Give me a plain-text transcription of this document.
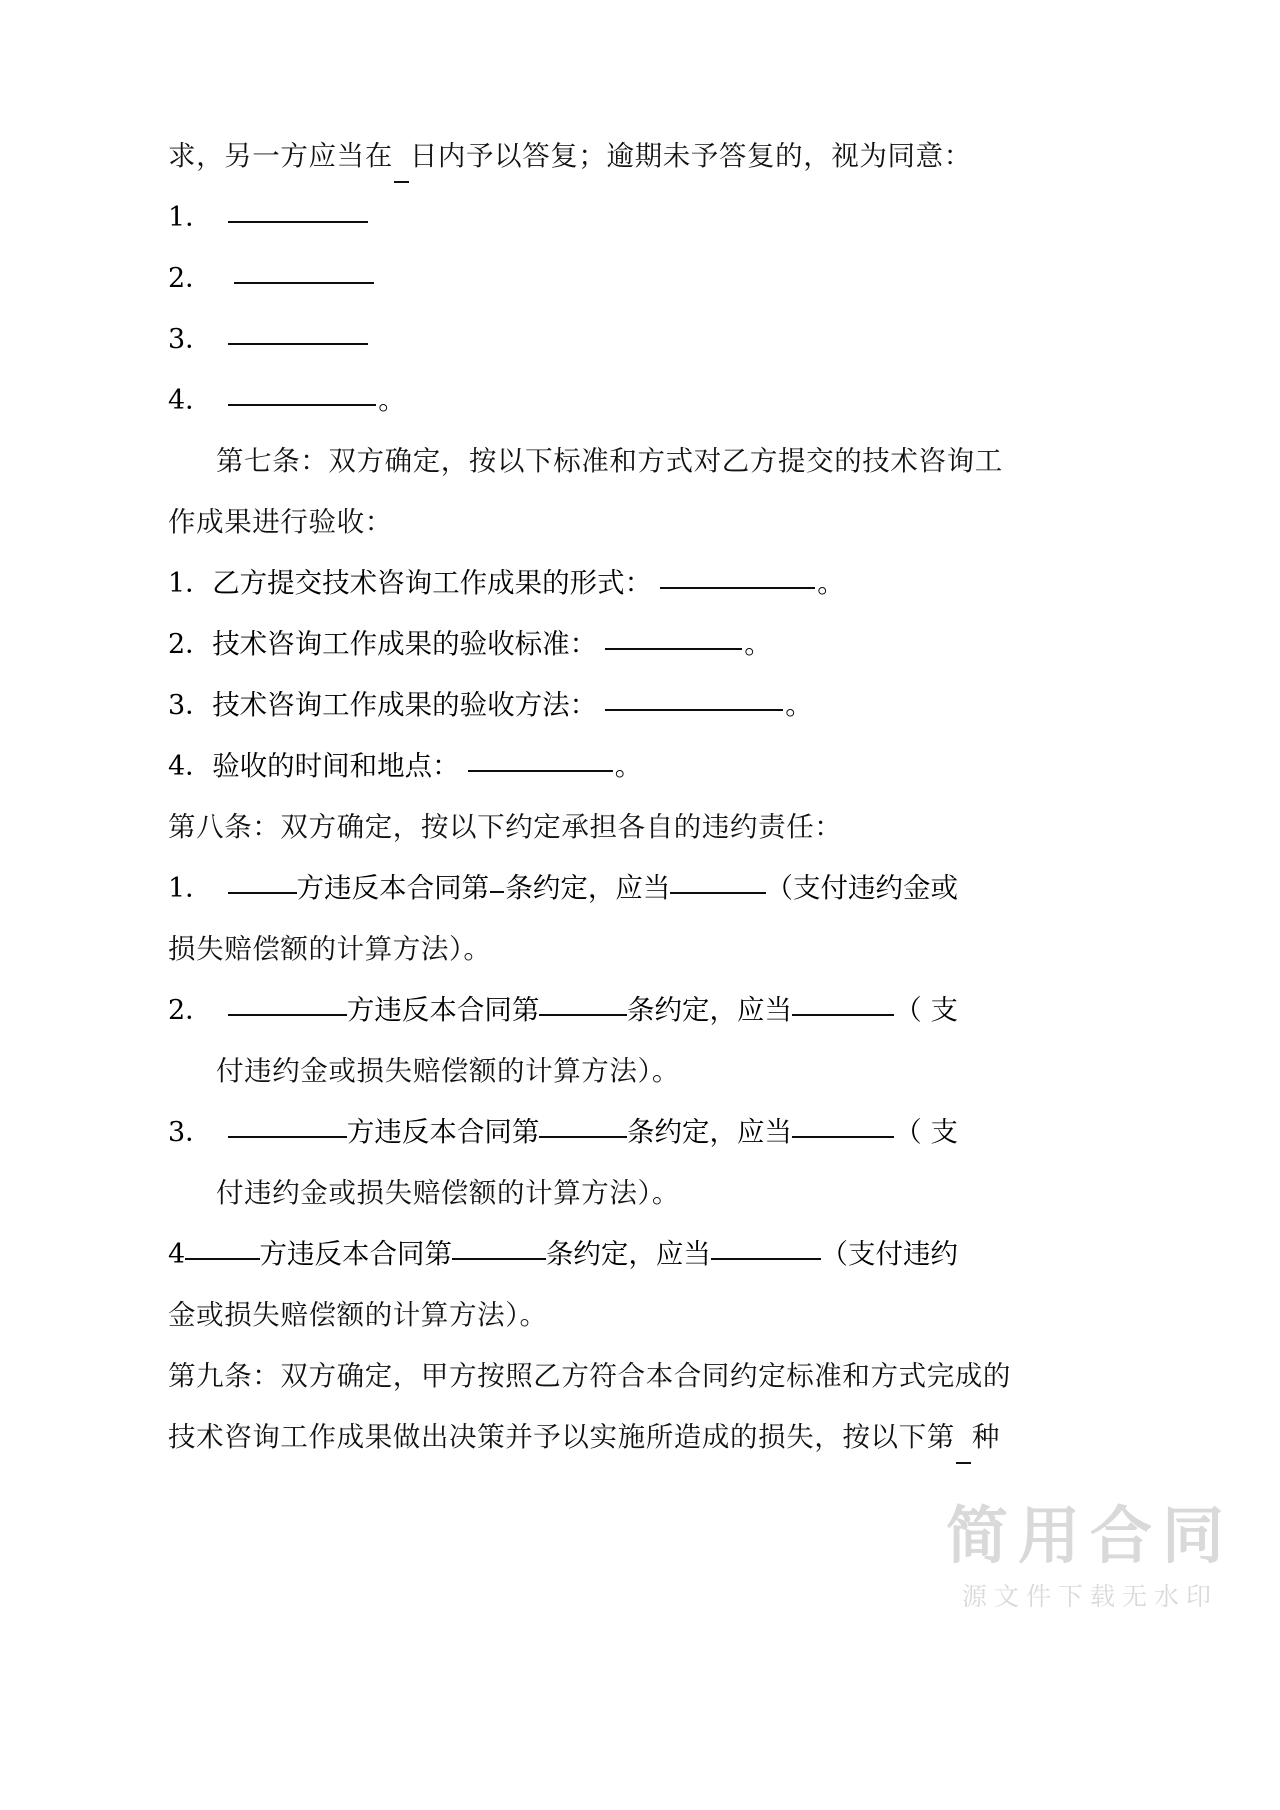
求，另一方应当在 日内予以答复；逾期未予答复的，视为同意：
1．
2．
3．
4．	。
第七条：双方确定，按以下标准和方式对乙方提交的技术咨询工
作成果进行验收：
1． 乙方提交技术咨询工作成果的形式：	。
2． 技术咨询工作成果的验收标准：	。
3． 技术咨询工作成果的验收方法：	。
4． 验收的时间和地点：	。
第八条：双方确定，按以下约定承担各自的违约责任：
1．	方违反本合同第 条约定，应当	（支付违约金或
损失赔偿额的计算方法）。
2．	方违反本合同第	条约定，应当	（ 支
付违约金或损失赔偿额的计算方法）。
3．	方违反本合同第	条约定，应当	（ 支
付违约金或损失赔偿额的计算方法）。
4	方违反本合同第	条约定，应当	（支付违约
金或损失赔偿额的计算方法）。
第九条：双方确定，甲方按照乙方符合本合同约定标准和方式完成的
技术咨询工作成果做出决策并予以实施所造成的损失，按以下第 种
简用合同
源文件下载无水印
